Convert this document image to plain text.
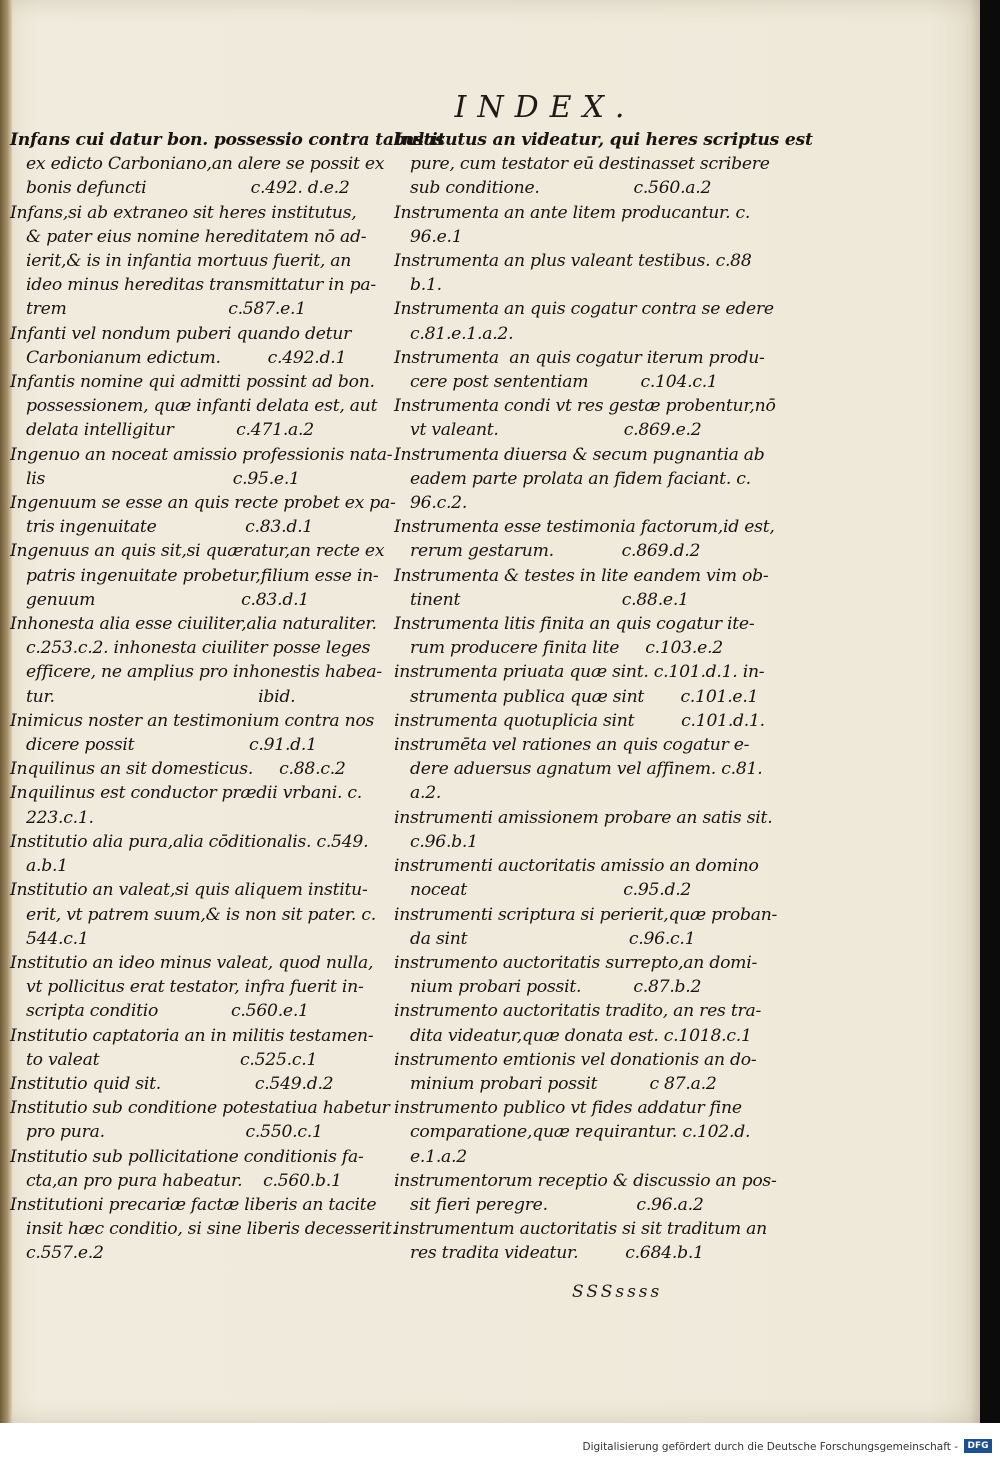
INDEX.
Infans cui datur bon. possessio contra tabulas
ex edicto Carboniano,an alere se possit ex
bonis defuncti                    c.492. d.e.2
Infans,si ab extraneo sit heres institutus,
& pater eius nomine hereditatem nō ad-
ierit,& is in infantia mortuus fuerit, an
ideo minus hereditas transmittatur in pa-
trem                               c.587.e.1
Infanti vel nondum puberi quando detur
Carbonianum edictum.         c.492.d.1
Infantis nomine qui admitti possint ad bon.
possessionem, quæ infanti delata est, aut
delata intelligitur            c.471.a.2
Ingenuo an noceat amissio professionis nata-
lis                                    c.95.e.1
Ingenuum se esse an quis recte probet ex pa-
tris ingenuitate                 c.83.d.1
Ingenuus an quis sit,si quæratur,an recte ex
patris ingenuitate probetur,filium esse in-
genuum                            c.83.d.1
Inhonesta alia esse ciuiliter,alia naturaliter.
c.253.c.2. inhonesta ciuiliter posse leges
efficere, ne amplius pro inhonestis habea-
tur.                                       ibid.
Inimicus noster an testimonium contra nos
dicere possit                      c.91.d.1
Inquilinus an sit domesticus.     c.88.c.2
Inquilinus est conductor prædii vrbani. c.
223.c.1.
Institutio alia pura,alia cōditionalis. c.549.
a.b.1
Institutio an valeat,si quis aliquem institu-
erit, vt patrem suum,& is non sit pater. c.
544.c.1
Institutio an ideo minus valeat, quod nulla,
vt pollicitus erat testator, infra fuerit in-
scripta conditio              c.560.e.1
Institutio captatoria an in militis testamen-
to valeat                           c.525.c.1
Institutio quid sit.                  c.549.d.2
Institutio sub conditione potestatiua habetur
pro pura.                           c.550.c.1
Institutio sub pollicitatione conditionis fa-
cta,an pro pura habeatur.    c.560.b.1
Institutioni precariæ factæ liberis an tacite
insit hæc conditio, si sine liberis decesserit.
c.557.e.2
Institutus an videatur, qui heres scriptus est
pure, cum testator eū destinasset scribere
sub conditione.                  c.560.a.2
Instrumenta an ante litem producantur. c.
96.e.1
Instrumenta an plus valeant testibus. c.88
b.1.
Instrumenta an quis cogatur contra se edere
c.81.e.1.a.2.
Instrumenta  an quis cogatur iterum produ-
cere post sententiam          c.104.c.1
Instrumenta condi vt res gestæ probentur,nō
vt valeant.                        c.869.e.2
Instrumenta diuersa & secum pugnantia ab
eadem parte prolata an fidem faciant. c.
96.c.2.
Instrumenta esse testimonia factorum,id est,
rerum gestarum.             c.869.d.2
Instrumenta & testes in lite eandem vim ob-
tinent                               c.88.e.1
Instrumenta litis finita an quis cogatur ite-
rum producere finita lite     c.103.e.2
instrumenta priuata quæ sint. c.101.d.1. in-
strumenta publica quæ sint       c.101.e.1
instrumenta quotuplicia sint         c.101.d.1.
instrumēta vel rationes an quis cogatur e-
dere aduersus agnatum vel affinem. c.81.
a.2.
instrumenti amissionem probare an satis sit.
c.96.b.1
instrumenti auctoritatis amissio an domino
noceat                              c.95.d.2
instrumenti scriptura si perierit,quæ proban-
da sint                               c.96.c.1
instrumento auctoritatis surrepto,an domi-
nium probari possit.          c.87.b.2
instrumento auctoritatis tradito, an res tra-
dita videatur,quæ donata est. c.1018.c.1
instrumento emtionis vel donationis an do-
minium probari possit          c 87.a.2
instrumento publico vt fides addatur fine
comparatione,quæ requirantur. c.102.d.
e.1.a.2
instrumentorum receptio & discussio an pos-
sit fieri peregre.                 c.96.a.2
instrumentum auctoritatis si sit traditum an
res tradita videatur.         c.684.b.1
SSSssss
Digitalisierung gefördert durch die Deutsche Forschungsgemeinschaft -	DFG
